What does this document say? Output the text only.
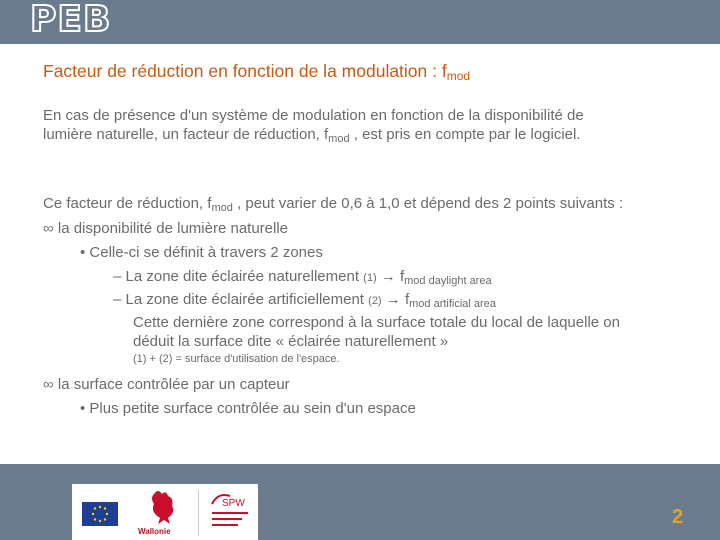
PEB
Facteur de réduction en fonction de la modulation : $f_{mod}$
En cas de présence d'un système de modulation en fonction de la disponibilité de
lumière naturelle, un facteur de réduction, $f_{mod}$ , est pris en compte par le logiciel.
Ce facteur de réduction, $f_{mod}$ , peut varier de 0,6 à 1,0 et dépend des 2 points suivants :
∞ la disponibilité de lumière naturelle
• Celle-ci se définit à travers 2 zones
– La zone dite éclairée naturellement $(1) \to f_{mod daylight area}$
– La zone dite éclairée artificiellement $(2) \to f_{mod artificial area}$
Cette dernière zone correspond à la surface totale du local de laquelle on
déduit la surface dite « éclairée naturellement »
(1) + (2) = surface d'utilisation de l'espace.
∞ la surface contrôlée par un capteur
• Plus petite surface contrôlée au sein d'un espace
Wallonie
SPW
2
